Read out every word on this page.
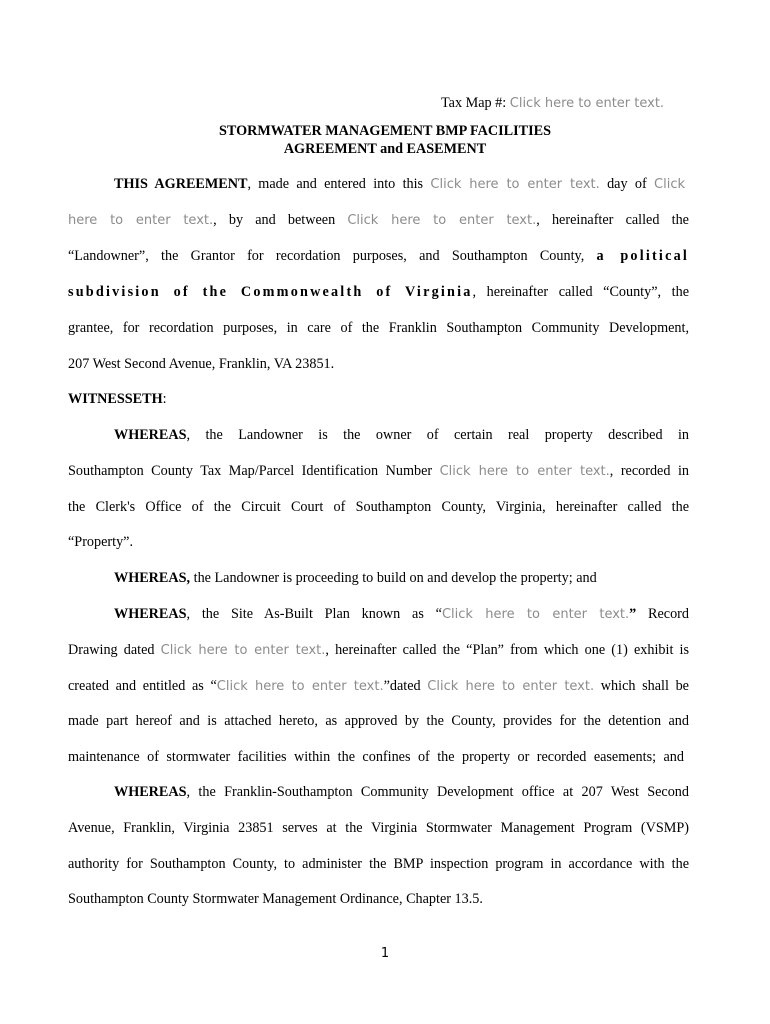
Tax Map #: Click here to enter text.
STORMWATER MANAGEMENT BMP FACILITIES
AGREEMENT and EASEMENT
THIS AGREEMENT, made and entered into this Click here to enter text. day of Click
here to enter text., by and between Click here to enter text., hereinafter called the
“Landowner”, the Grantor for recordation purposes, and Southampton County, a political
subdivision of the Commonwealth of Virginia, hereinafter called “County”, the
grantee, for recordation purposes, in care of the Franklin Southampton Community Development,
207 West Second Avenue, Franklin, VA 23851.
WITNESSETH:
WHEREAS, the Landowner is the owner of certain real property described in
Southampton County Tax Map/Parcel Identification Number Click here to enter text., recorded in
the Clerk's Office of the Circuit Court of Southampton County, Virginia, hereinafter called the
“Property”.
WHEREAS, the Landowner is proceeding to build on and develop the property; and
WHEREAS, the Site As-Built Plan known as “Click here to enter text.” Record
Drawing dated Click here to enter text., hereinafter called the “Plan” from which one (1) exhibit is
created and entitled as “Click here to enter text.”dated Click here to enter text. which shall be
made part hereof and is attached hereto, as approved by the County, provides for the detention and
maintenance of stormwater facilities within the confines of the property or recorded easements; and
WHEREAS, the Franklin-Southampton Community Development office at 207 West Second
Avenue, Franklin, Virginia 23851 serves at the Virginia Stormwater Management Program (VSMP)
authority for Southampton County, to administer the BMP inspection program in accordance with the
Southampton County Stormwater Management Ordinance, Chapter 13.5.
1
